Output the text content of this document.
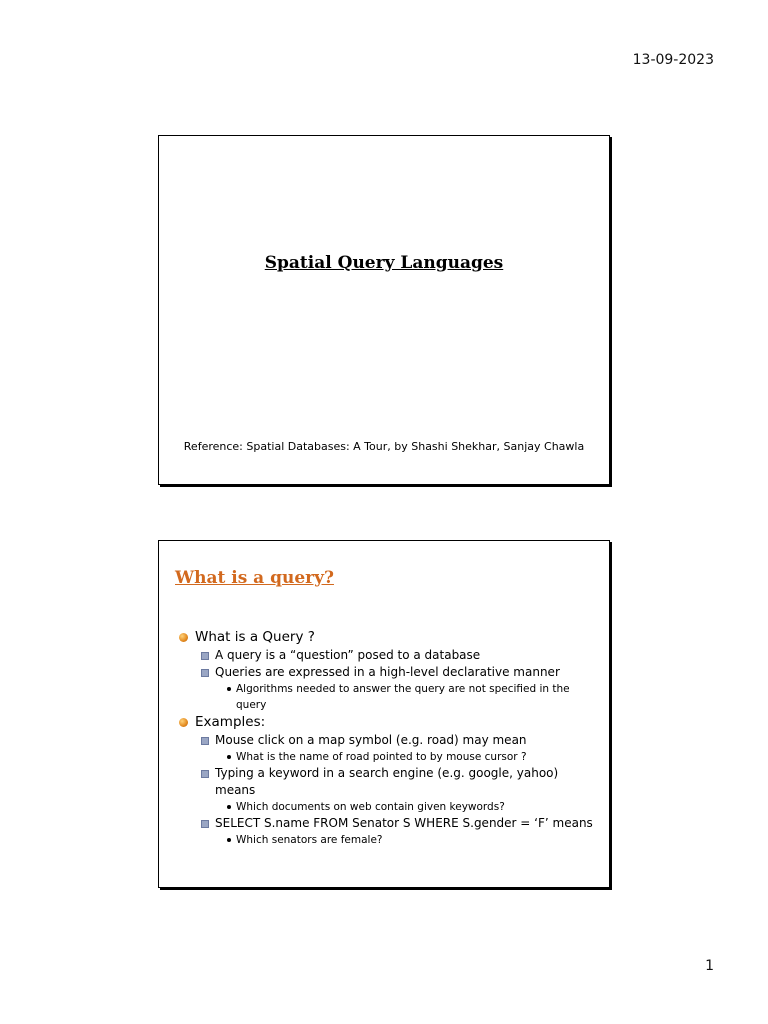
13-09-2023
Spatial Query Languages
Reference: Spatial Databases: A Tour, by Shashi Shekhar, Sanjay Chawla
What is a query?
What is a Query ?
A query is a “question” posed to a database
Queries are expressed in a high-level declarative manner
Algorithms needed to answer the query are not specified in the query
Examples:
Mouse click on a map symbol (e.g. road) may mean
What is the name of road pointed to by mouse cursor ?
Typing a keyword in a search engine (e.g. google, yahoo) means
Which documents on web contain given keywords?
SELECT S.name FROM Senator S WHERE S.gender = ‘F’ means
Which senators are female?
1
